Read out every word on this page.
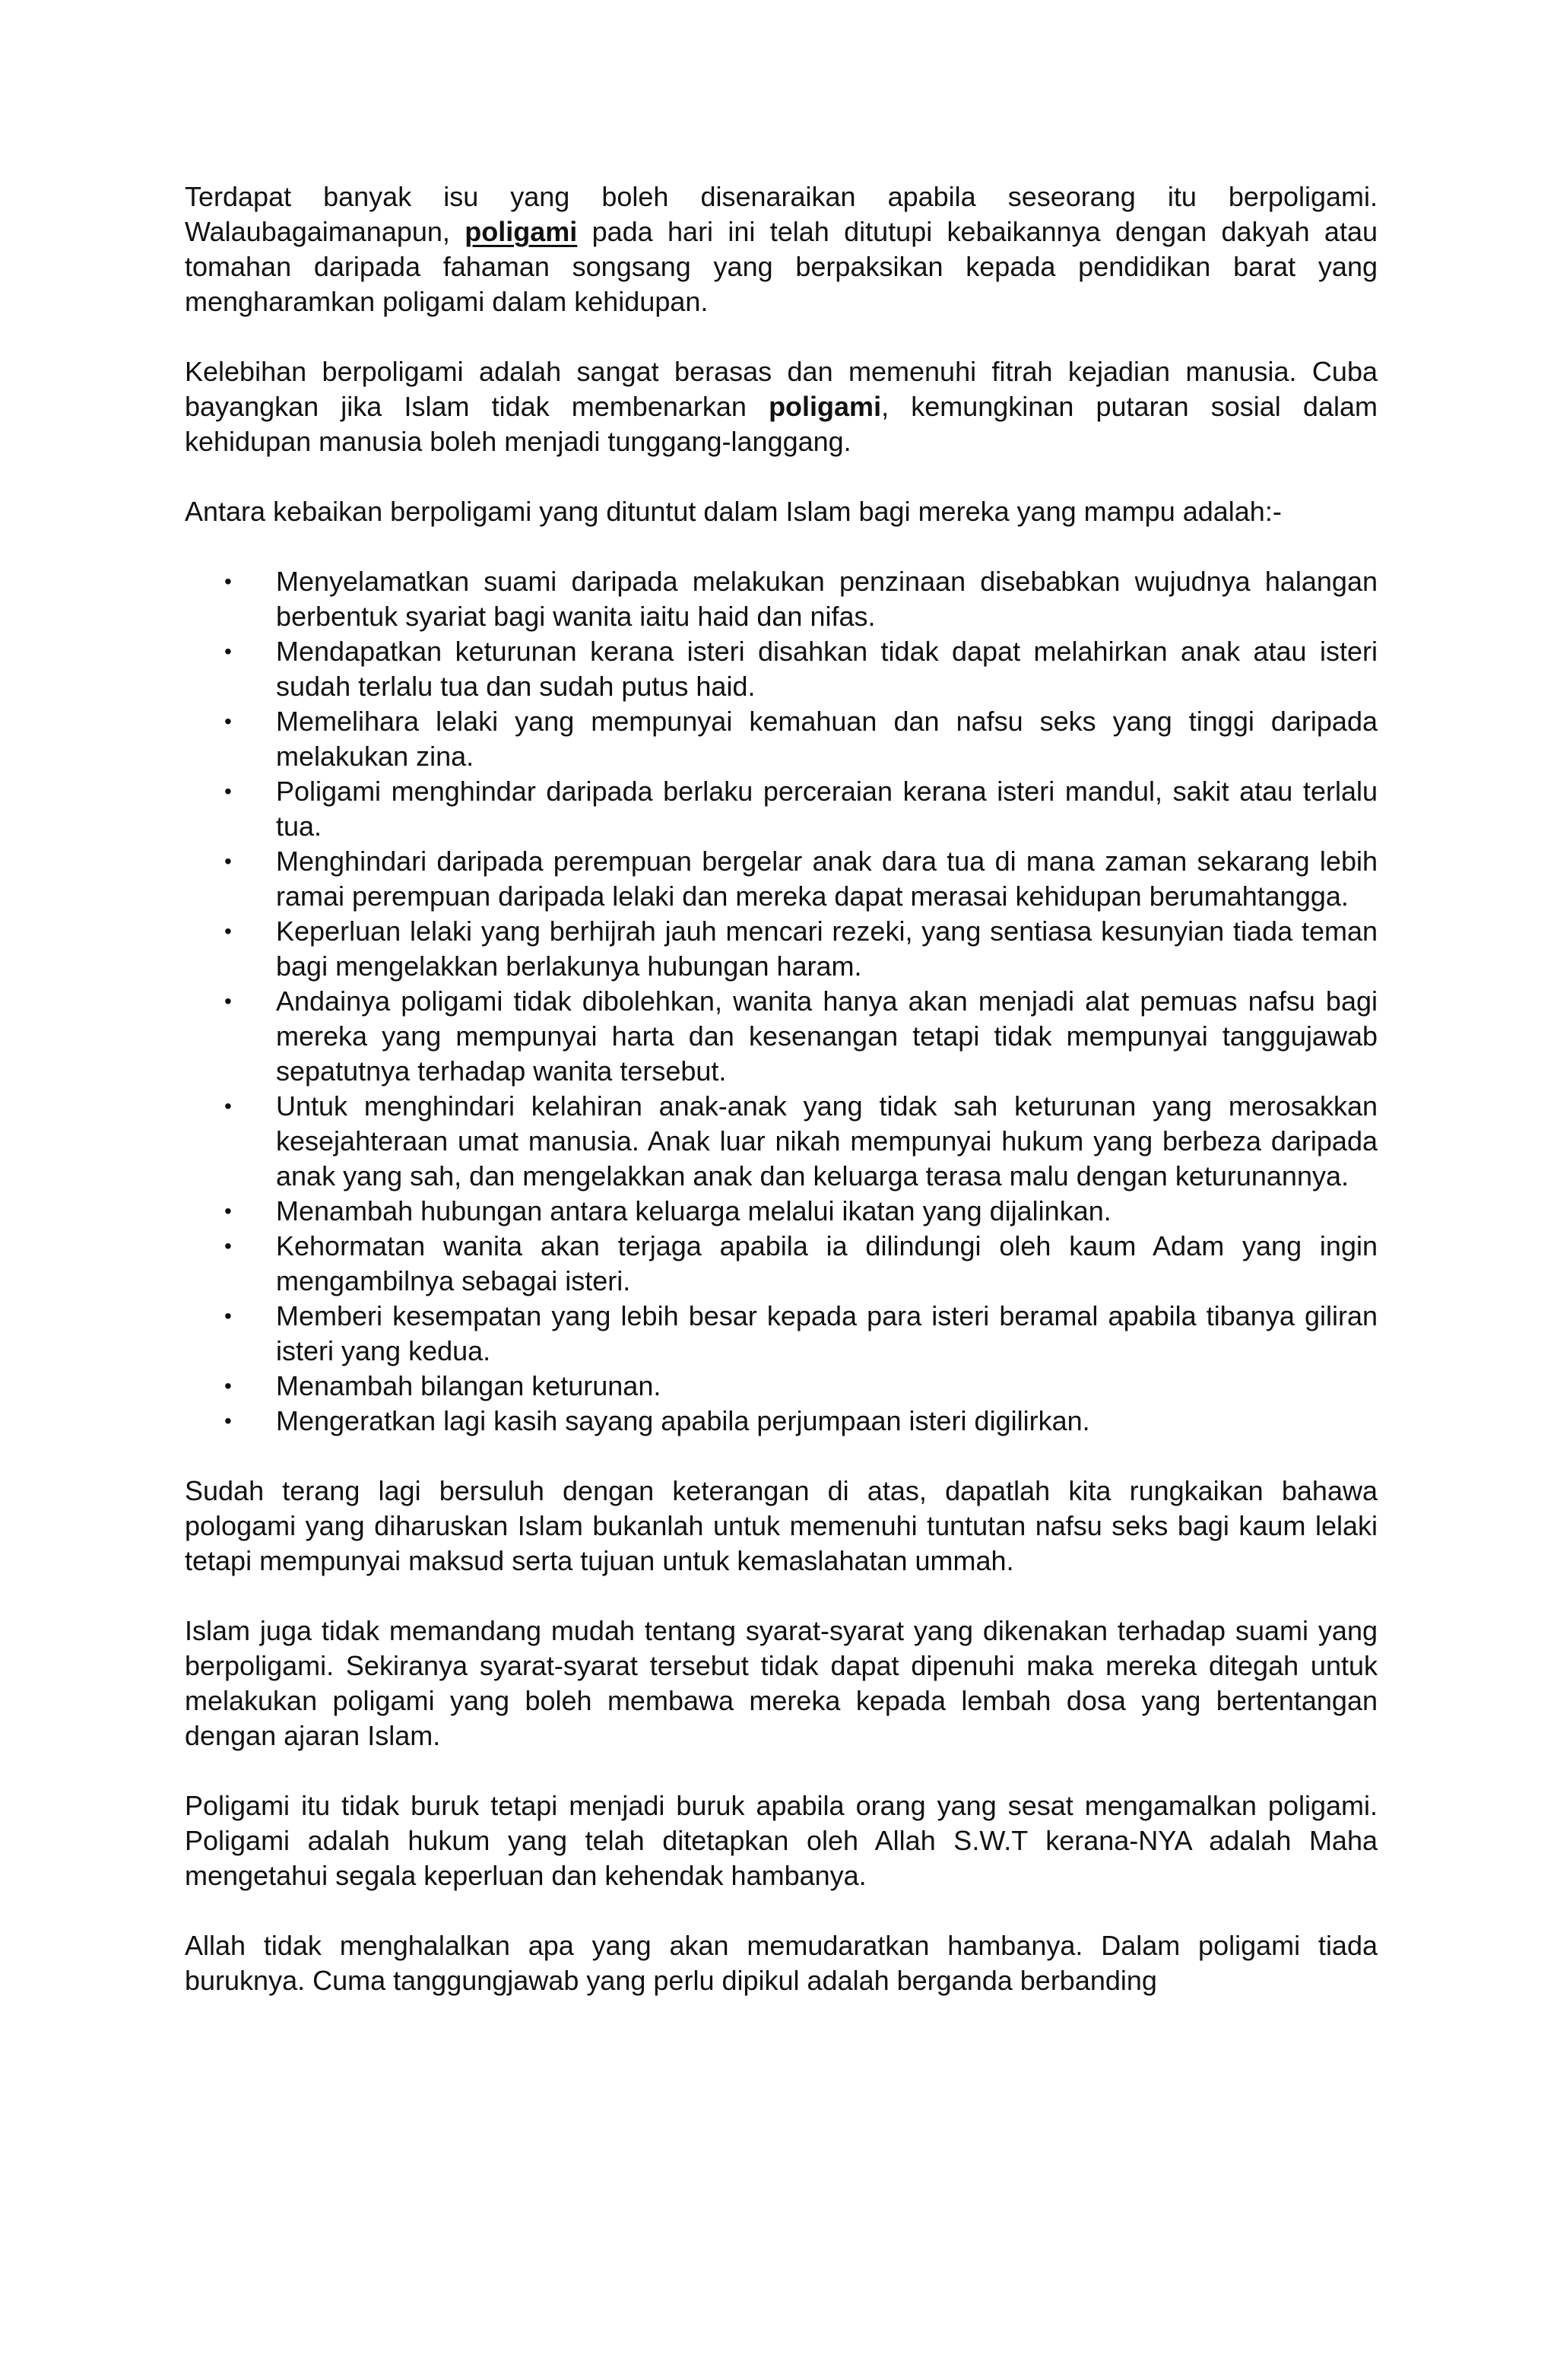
Terdapat banyak isu yang boleh disenaraikan apabila seseorang itu berpoligami. Walaubagaimanapun, poligami pada hari ini telah ditutupi kebaikannya dengan dakyah atau tomahan daripada fahaman songsang yang berpaksikan kepada pendidikan barat yang mengharamkan poligami dalam kehidupan.

Kelebihan berpoligami adalah sangat berasas dan memenuhi fitrah kejadian manusia. Cuba bayangkan jika Islam tidak membenarkan poligami, kemungkinan putaran sosial dalam kehidupan manusia boleh menjadi tunggang-langgang.

Antara kebaikan berpoligami yang dituntut dalam Islam bagi mereka yang mampu adalah:-

• Menyelamatkan suami daripada melakukan penzinaan disebabkan wujudnya halangan berbentuk syariat bagi wanita iaitu haid dan nifas.
• Mendapatkan keturunan kerana isteri disahkan tidak dapat melahirkan anak atau isteri sudah terlalu tua dan sudah putus haid.
• Memelihara lelaki yang mempunyai kemahuan dan nafsu seks yang tinggi daripada melakukan zina.
• Poligami menghindar daripada berlaku perceraian kerana isteri mandul, sakit atau terlalu tua.
• Menghindari daripada perempuan bergelar anak dara tua di mana zaman sekarang lebih ramai perempuan daripada lelaki dan mereka dapat merasai kehidupan berumahtangga.
• Keperluan lelaki yang berhijrah jauh mencari rezeki, yang sentiasa kesunyian tiada teman bagi mengelakkan berlakunya hubungan haram.
• Andainya poligami tidak dibolehkan, wanita hanya akan menjadi alat pemuas nafsu bagi mereka yang mempunyai harta dan kesenangan tetapi tidak mempunyai tanggujawab sepatutnya terhadap wanita tersebut.
• Untuk menghindari kelahiran anak-anak yang tidak sah keturunan yang merosakkan kesejahteraan umat manusia. Anak luar nikah mempunyai hukum yang berbeza daripada anak yang sah, dan mengelakkan anak dan keluarga terasa malu dengan keturunannya.
• Menambah hubungan antara keluarga melalui ikatan yang dijalinkan.
• Kehormatan wanita akan terjaga apabila ia dilindungi oleh kaum Adam yang ingin mengambilnya sebagai isteri.
• Memberi kesempatan yang lebih besar kepada para isteri beramal apabila tibanya giliran isteri yang kedua.
• Menambah bilangan keturunan.
• Mengeratkan lagi kasih sayang apabila perjumpaan isteri digilirkan.

Sudah terang lagi bersuluh dengan keterangan di atas, dapatlah kita rungkaikan bahawa pologami yang diharuskan Islam bukanlah untuk memenuhi tuntutan nafsu seks bagi kaum lelaki tetapi mempunyai maksud serta tujuan untuk kemaslahatan ummah.

Islam juga tidak memandang mudah tentang syarat-syarat yang dikenakan terhadap suami yang berpoligami. Sekiranya syarat-syarat tersebut tidak dapat dipenuhi maka mereka ditegah untuk melakukan poligami yang boleh membawa mereka kepada lembah dosa yang bertentangan dengan ajaran Islam.

Poligami itu tidak buruk tetapi menjadi buruk apabila orang yang sesat mengamalkan poligami. Poligami adalah hukum yang telah ditetapkan oleh Allah S.W.T kerana-NYA adalah Maha mengetahui segala keperluan dan kehendak hambanya.

Allah tidak menghalalkan apa yang akan memudaratkan hambanya. Dalam poligami tiada buruknya. Cuma tanggungjawab yang perlu dipikul adalah berganda berbanding
